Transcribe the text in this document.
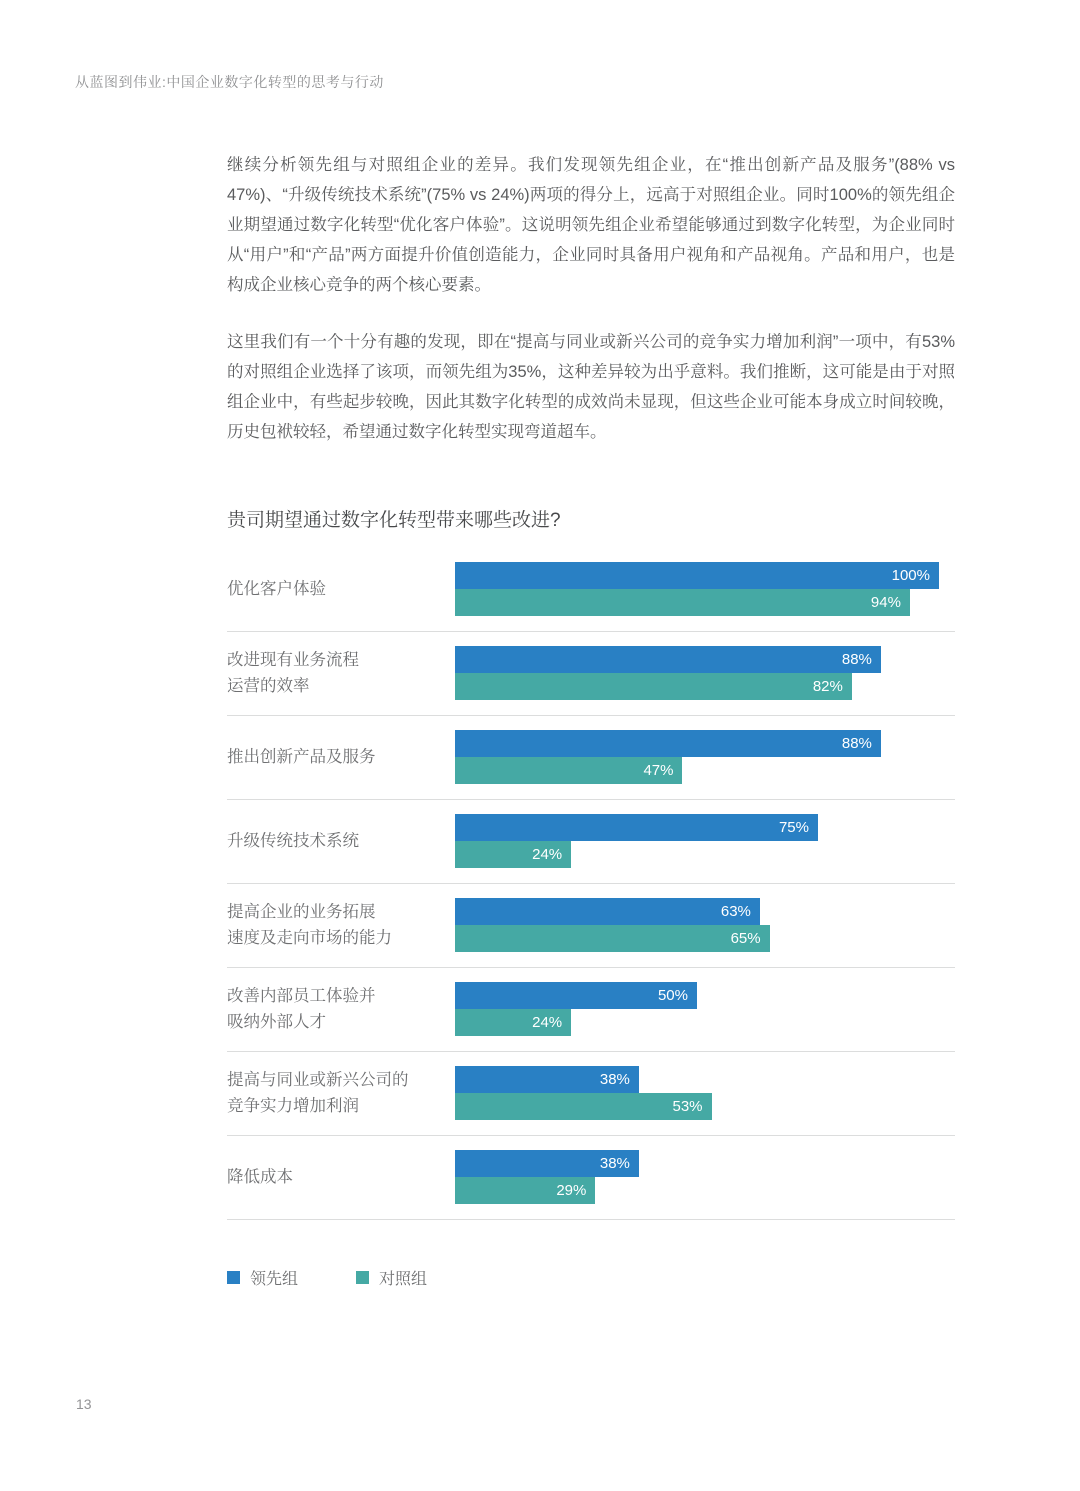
从蓝图到伟业:中国企业数字化转型的思考与行动

继续分析领先组与对照组企业的差异。我们发现领先组企业，在“推出创新产品及服务”(88% vs 47%)、“升级传统技术系统”(75% vs 24%)两项的得分上，远高于对照组企业。同时100%的领先组企业期望通过数字化转型“优化客户体验”。这说明领先组企业希望能够通过到数字化转型，为企业同时从“用户”和“产品”两方面提升价值创造能力，企业同时具备用户视角和产品视角。产品和用户，也是构成企业核心竞争的两个核心要素。

这里我们有一个十分有趣的发现，即在“提高与同业或新兴公司的竞争实力增加利润”一项中，有53%的对照组企业选择了该项，而领先组为35%，这种差异较为出乎意料。我们推断，这可能是由于对照组企业中，有些起步较晚，因此其数字化转型的成效尚未显现，但这些企业可能本身成立时间较晚，历史包袱较轻，希望通过数字化转型实现弯道超车。

贵司期望通过数字化转型带来哪些改进?
优化客户体验
100%
94%
改进现有业务流程
运营的效率
88%
82%
推出创新产品及服务
88%
47%
升级传统技术系统
75%
24%
提高企业的业务拓展
速度及走向市场的能力
63%
65%
改善内部员工体验并
吸纳外部人才
50%
24%
提高与同业或新兴公司的
竞争实力增加利润
38%
53%
降低成本
38%
29%
领先组	对照组
13
